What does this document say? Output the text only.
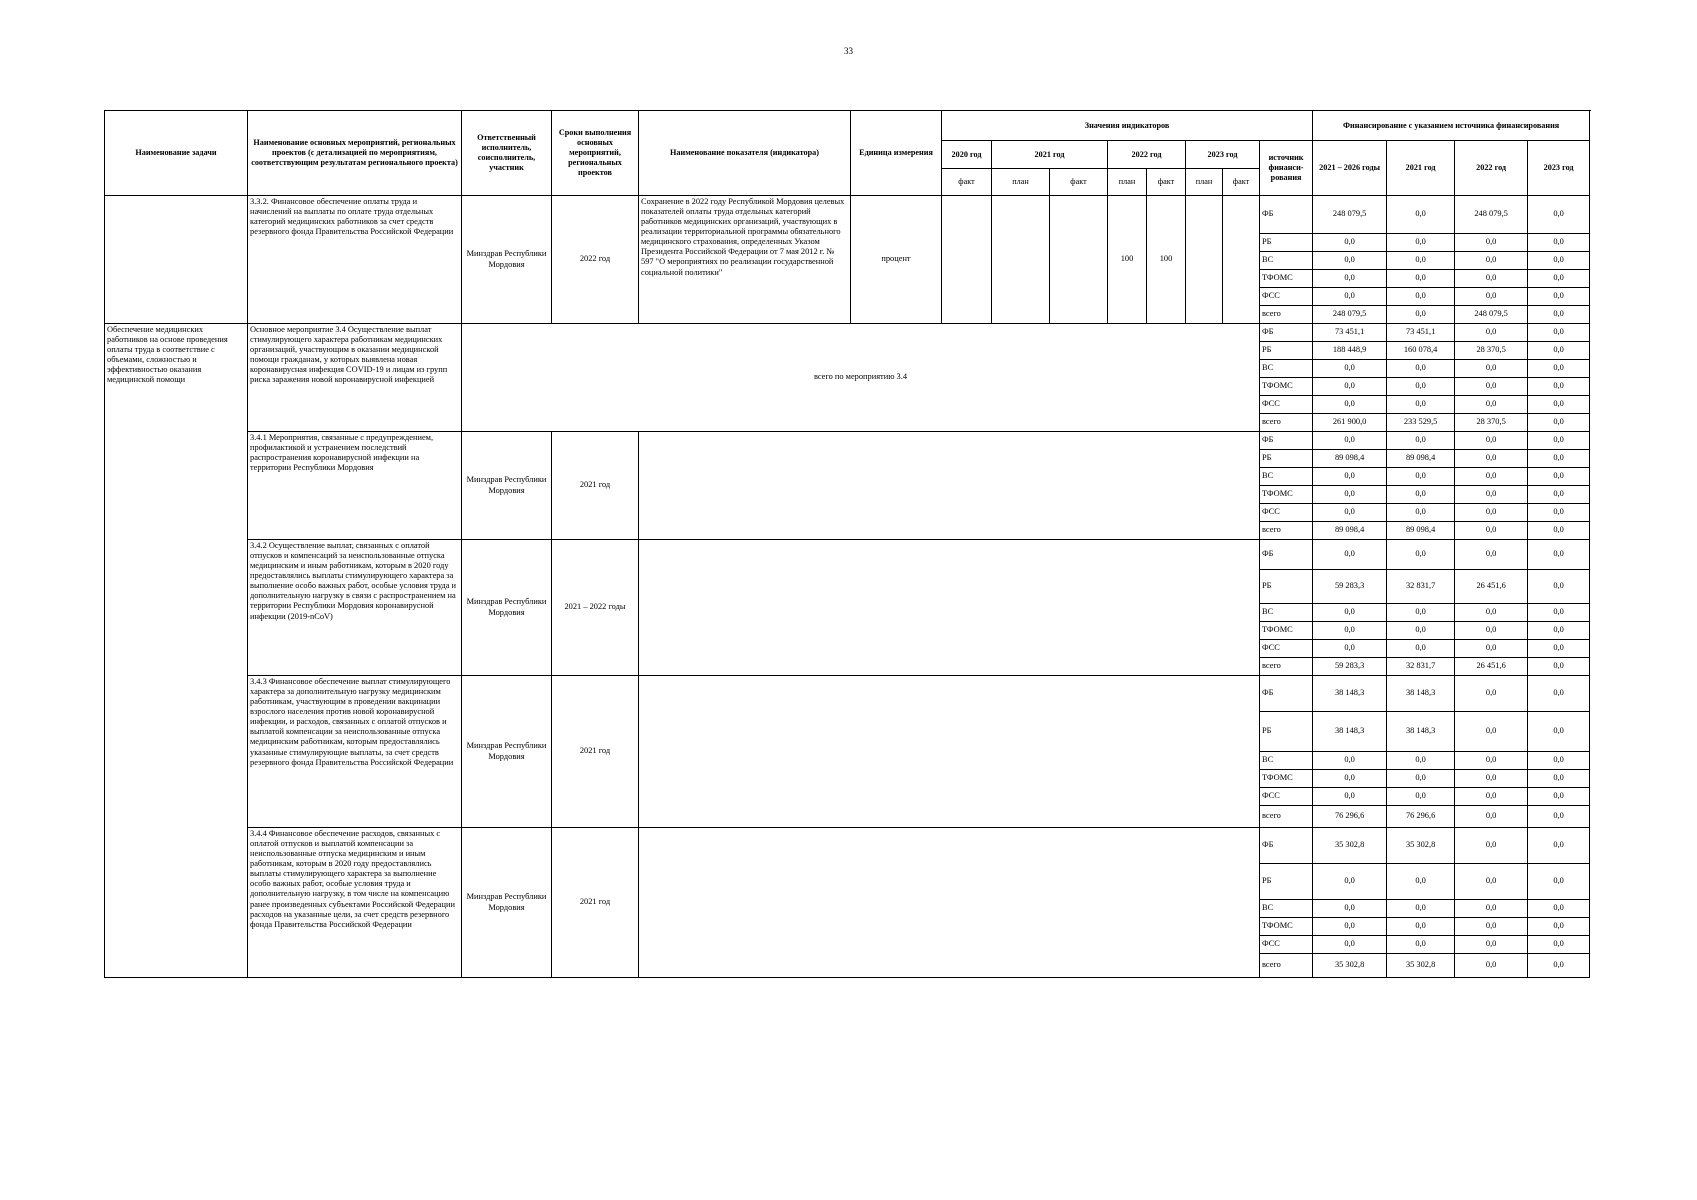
33
Наименование задачи	Наименование основных мероприятий, региональных проектов (с детализацией по мероприятиям, соответствующим результатам регионального проекта)	Ответственный исполнитель, соисполнитель, участник	Сроки выполнения основных мероприятий, региональных проектов	Наименование показателя (индикатора)	Единица измерения	Значения индикаторов								Финансирование с указанием источника финансирования			
						2020 год	2021 год		2022 год		2023 год		источник финанси-рования	2021 – 2026 годы	2021 год	2022 год	2023 год
						факт	план	факт	план	факт	план	факт					
	3.3.2. Финансовое обеспечение оплаты труда и начислений на выплаты по оплате труда отдельных категорий медицинских работников за счет средств резервного фонда Правительства Российской Федерации	Минздрав Республики Мордовия	2022 год	Сохранение в 2022 году Республикой Мордовия целевых показателей оплаты труда отдельных категорий работников медицинских организаций, участвующих в реализации территориальной программы обязательного медицинского страхования, определенных Указом Президента Российской Федерации от 7 мая 2012 г. № 597 "О мероприятиях по реализации государственной социальной политики"	процент				100	100			ФБ	248 079,5	0,0	248 079,5	0,0
													РБ	0,0	0,0	0,0	0,0
													ВС	0,0	0,0	0,0	0,0
													ТФОМС	0,0	0,0	0,0	0,0
													ФСС	0,0	0,0	0,0	0,0
													всего	248 079,5	0,0	248 079,5	0,0
Обеспечение медицинских работников на основе проведения оплаты труда в соответствие с объемами, сложностью и эффективностью оказания медицинской помощи	Основное мероприятие 3.4 Осуществление выплат стимулирующего характера работникам медицинских организаций, участвующим в оказании медицинской помощи гражданам, у которых выявлена новая коронавирусная инфекция COVID-19 и лицам из групп риска заражения новой коронавирусной инфекцией	всего по мероприятию 3.4											ФБ	73 451,1	73 451,1	0,0	0,0
													РБ	188 448,9	160 078,4	28 370,5	0,0
													ВС	0,0	0,0	0,0	0,0
													ТФОМС	0,0	0,0	0,0	0,0
													ФСС	0,0	0,0	0,0	0,0
													всего	261 900,0	233 529,5	28 370,5	0,0
	3.4.1 Мероприятия, связанные с предупреждением, профилактикой и устранением последствий распространения коронавирусной инфекции на территории Республики Мордовия	Минздрав Республики Мордовия	2021 год										ФБ	0,0	0,0	0,0	0,0
													РБ	89 098,4	89 098,4	0,0	0,0
													ВС	0,0	0,0	0,0	0,0
													ТФОМС	0,0	0,0	0,0	0,0
													ФСС	0,0	0,0	0,0	0,0
													всего	89 098,4	89 098,4	0,0	0,0
	3.4.2 Осуществление выплат, связанных с оплатой отпусков и компенсаций за неиспользованные отпуска медицинским и иным работникам, которым в 2020 году предоставлялись выплаты стимулирующего характера за выполнение особо важных работ, особые условия труда и дополнительную нагрузку в связи с распространением на территории Республики Мордовия коронавирусной инфекции (2019-nCoV)	Минздрав Республики Мордовия	2021 – 2022 годы										ФБ	0,0	0,0	0,0	0,0
													РБ	59 283,3	32 831,7	26 451,6	0,0
													ВС	0,0	0,0	0,0	0,0
													ТФОМС	0,0	0,0	0,0	0,0
													ФСС	0,0	0,0	0,0	0,0
													всего	59 283,3	32 831,7	26 451,6	0,0
	3.4.3 Финансовое обеспечение выплат стимулирующего характера за дополнительную нагрузку медицинским работникам, участвующим в проведении вакцинации взрослого населения против новой коронавирусной инфекции, и расходов, связанных с оплатой отпусков и выплатой компенсации за неиспользованные отпуска медицинским работникам, которым предоставлялись указанные стимулирующие выплаты, за счет средств резервного фонда Правительства Российской Федерации	Минздрав Республики Мордовия	2021 год										ФБ	38 148,3	38 148,3	0,0	0,0
													РБ	38 148,3	38 148,3	0,0	0,0
													ВС	0,0	0,0	0,0	0,0
													ТФОМС	0,0	0,0	0,0	0,0
													ФСС	0,0	0,0	0,0	0,0
													всего	76 296,6	76 296,6	0,0	0,0
	3.4.4 Финансовое обеспечение расходов, связанных с оплатой отпусков и выплатой компенсации за неиспользованные отпуска медицинским и иным работникам, которым в 2020 году предоставлялись выплаты стимулирующего характера за выполнение особо важных работ, особые условия труда и дополнительную нагрузку, в том числе на компенсацию ранее произведенных субъектами Российской Федерации расходов на указанные цели, за счет средств резервного фонда Правительства Российской Федерации	Минздрав Республики Мордовия	2021 год										ФБ	35 302,8	35 302,8	0,0	0,0
													РБ	0,0	0,0	0,0	0,0
													ВС	0,0	0,0	0,0	0,0
													ТФОМС	0,0	0,0	0,0	0,0
													ФСС	0,0	0,0	0,0	0,0
													всего	35 302,8	35 302,8	0,0	0,0
